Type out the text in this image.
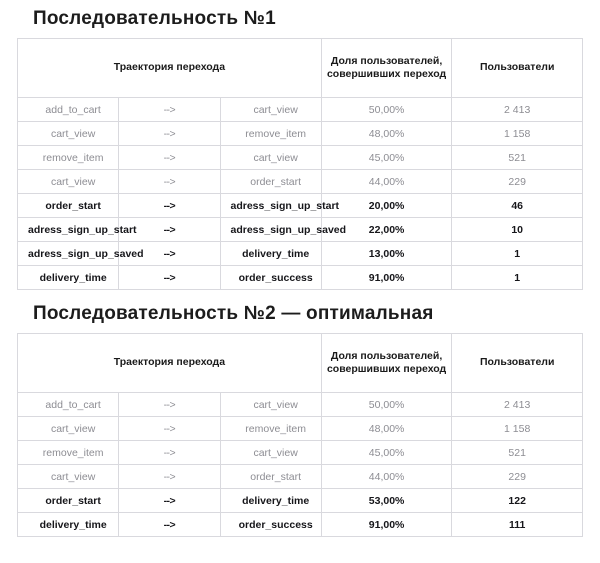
Последовательность №1
Траектория перехода			Доля пользователей, совершивших переход	Пользователи
add_to_cart	-->	cart_view	50,00%	2 413
cart_view	-->	remove_item	48,00%	1 158
remove_item	-->	cart_view	45,00%	521
cart_view	-->	order_start	44,00%	229
order_start	-->	adress_sign_up_start	20,00%	46
adress_sign_up_start	-->	adress_sign_up_saved	22,00%	10
adress_sign_up_saved	-->	delivery_time	13,00%	1
delivery_time	-->	order_success	91,00%	1
Последовательность №2 — оптимальная
Траектория перехода			Доля пользователей, совершивших переход	Пользователи
add_to_cart	-->	cart_view	50,00%	2 413
cart_view	-->	remove_item	48,00%	1 158
remove_item	-->	cart_view	45,00%	521
cart_view	-->	order_start	44,00%	229
order_start	-->	delivery_time	53,00%	122
delivery_time	-->	order_success	91,00%	111
